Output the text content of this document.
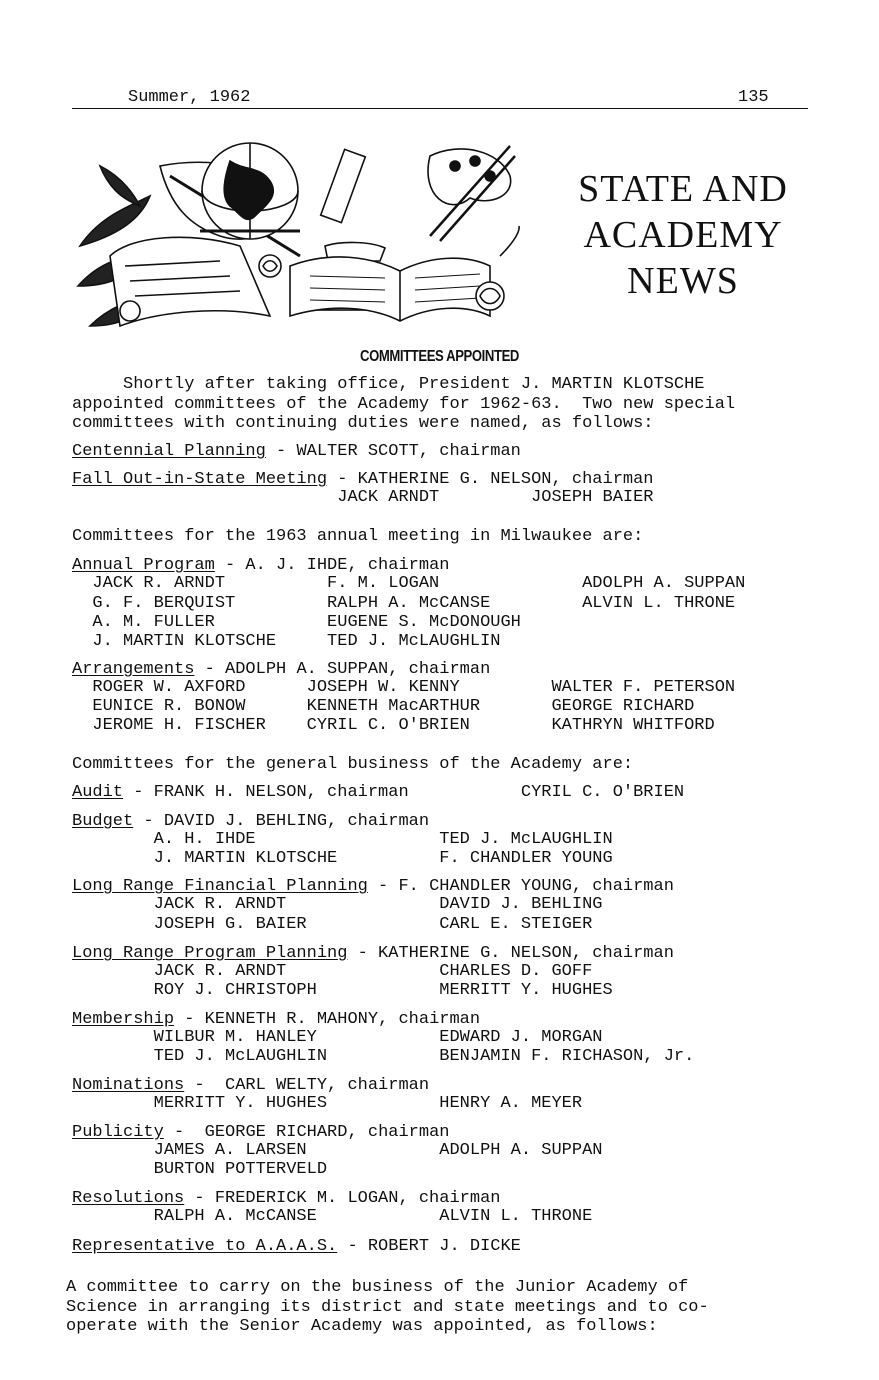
Summer, 1962	135
STATE AND
ACADEMY
NEWS
COMMITTEES APPOINTED
Shortly after taking office, President J. MARTIN KLOTSCHE
appointed committees of the Academy for 1962-63.  Two new special
committees with continuing duties were named, as follows:
Centennial Planning - WALTER SCOTT, chairman
Fall Out-in-State Meeting - KATHERINE G. NELSON, chairman
JACK ARNDT         JOSEPH BAIER
Committees for the 1963 annual meeting in Milwaukee are:
Annual Program - A. J. IHDE, chairman
JACK R. ARNDT          F. M. LOGAN              ADOLPH A. SUPPAN
G. F. BERQUIST         RALPH A. McCANSE         ALVIN L. THRONE
A. M. FULLER           EUGENE S. McDONOUGH
J. MARTIN KLOTSCHE     TED J. McLAUGHLIN
Arrangements - ADOLPH A. SUPPAN, chairman
ROGER W. AXFORD      JOSEPH W. KENNY         WALTER F. PETERSON
EUNICE R. BONOW      KENNETH MacARTHUR       GEORGE RICHARD
JEROME H. FISCHER    CYRIL C. O'BRIEN        KATHRYN WHITFORD
Committees for the general business of the Academy are:
Audit - FRANK H. NELSON, chairman           CYRIL C. O'BRIEN
Budget - DAVID J. BEHLING, chairman
A. H. IHDE                  TED J. McLAUGHLIN
J. MARTIN KLOTSCHE          F. CHANDLER YOUNG
Long Range Financial Planning - F. CHANDLER YOUNG, chairman
JACK R. ARNDT               DAVID J. BEHLING
JOSEPH G. BAIER             CARL E. STEIGER
Long Range Program Planning - KATHERINE G. NELSON, chairman
JACK R. ARNDT               CHARLES D. GOFF
ROY J. CHRISTOPH            MERRITT Y. HUGHES
Membership - KENNETH R. MAHONY, chairman
WILBUR M. HANLEY            EDWARD J. MORGAN
TED J. McLAUGHLIN           BENJAMIN F. RICHASON, Jr.
Nominations -  CARL WELTY, chairman
MERRITT Y. HUGHES           HENRY A. MEYER
Publicity -  GEORGE RICHARD, chairman
JAMES A. LARSEN             ADOLPH A. SUPPAN
BURTON POTTERVELD
Resolutions - FREDERICK M. LOGAN, chairman
RALPH A. McCANSE            ALVIN L. THRONE
Representative to A.A.A.S. - ROBERT J. DICKE
A committee to carry on the business of the Junior Academy of
Science in arranging its district and state meetings and to co-
operate with the Senior Academy was appointed, as follows:
